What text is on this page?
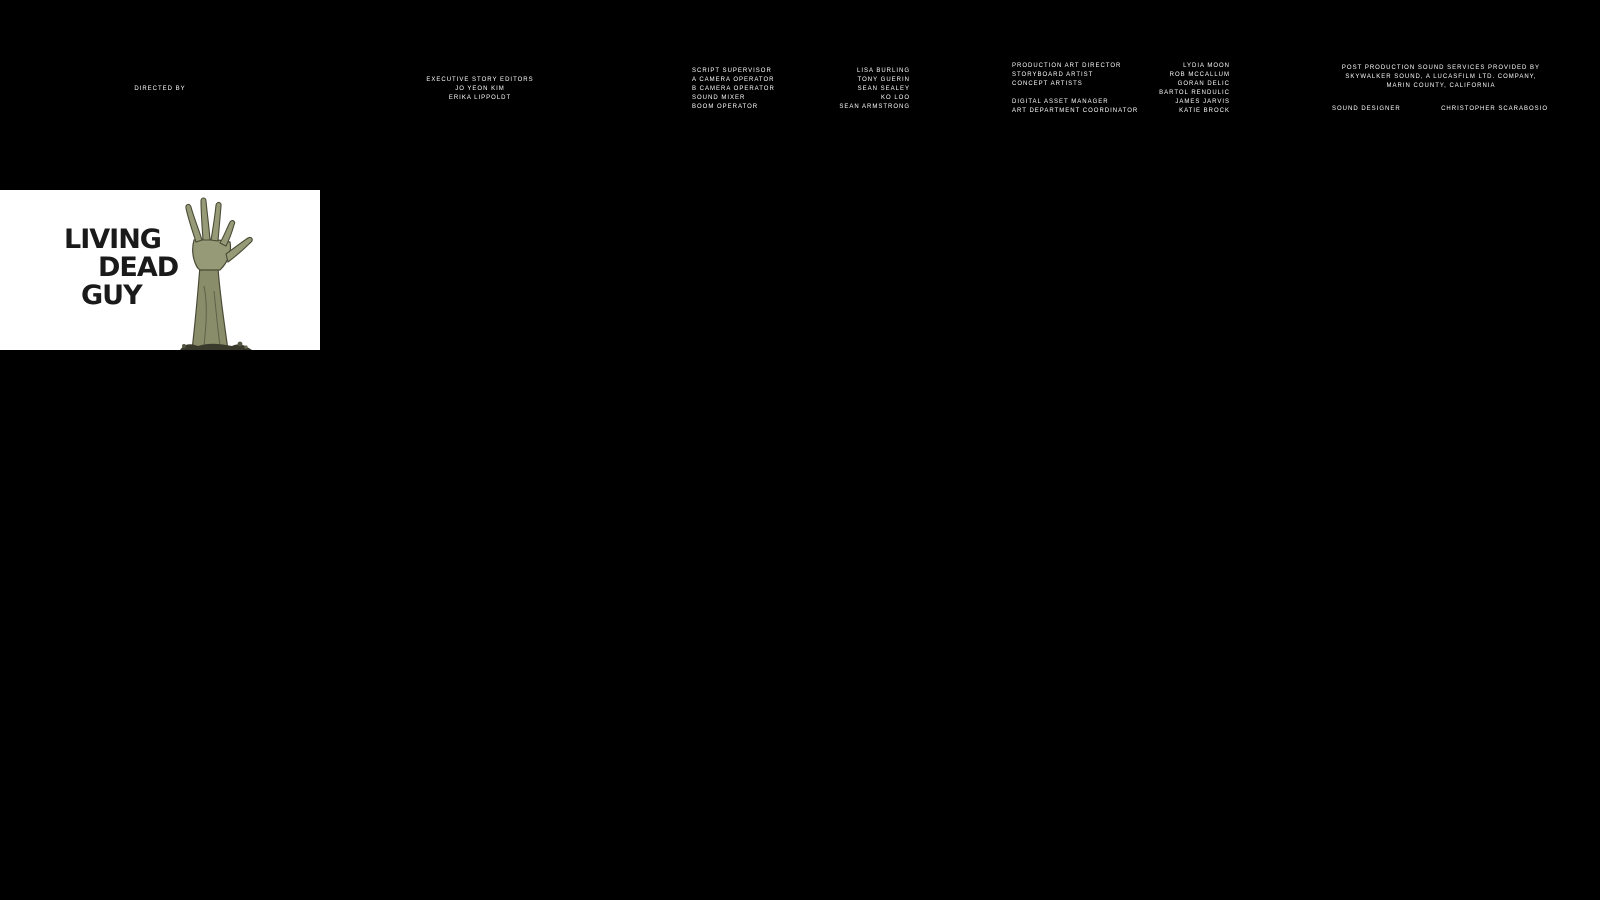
DIRECTED BY
EXECUTIVE STORY EDITORS
JO YEON KIM
ERIKA LIPPOLDT
SCRIPT SUPERVISOR
A CAMERA OPERATOR
B CAMERA OPERATOR
SOUND MIXER
BOOM OPERATOR
LISA BURLING
TONY GUERIN
SEAN SEALEY
KO LOO
SEAN ARMSTRONG
PRODUCTION ART DIRECTOR
STORYBOARD ARTIST
CONCEPT ARTISTS
DIGITAL ASSET MANAGER
ART DEPARTMENT COORDINATOR
LYDIA MOON
ROB MCCALLUM
GORAN DELIC
BARTOL RENDULIC
JAMES JARVIS
KATIE BROCK
POST PRODUCTION SOUND SERVICES PROVIDED BY
SKYWALKER SOUND, A LUCASFILM LTD. COMPANY,
MARIN COUNTY, CALIFORNIA
SOUND DESIGNER	CHRISTOPHER SCARABOSIO
LIVING
DEAD
GUY
